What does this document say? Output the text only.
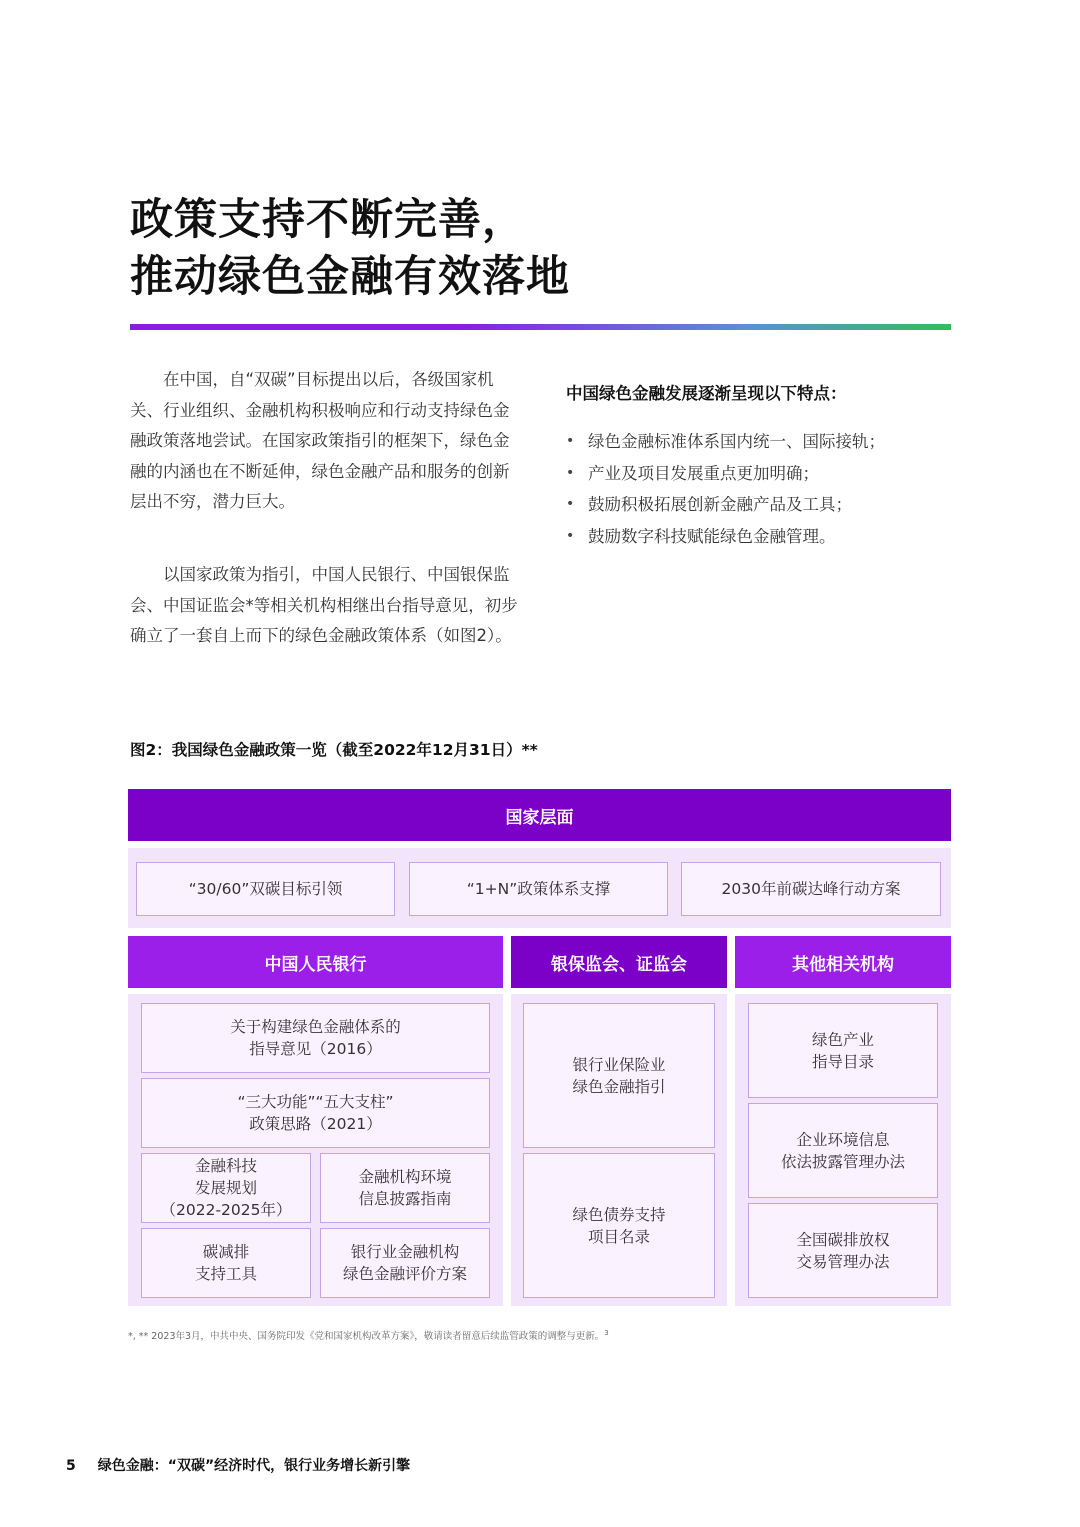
政策支持不断完善，
推动绿色金融有效落地

在中国，自“双碳”目标提出以后，各级国家机关、行业组织、金融机构积极响应和行动支持绿色金融政策落地尝试。在国家政策指引的框架下，绿色金融的内涵也在不断延伸，绿色金融产品和服务的创新层出不穷，潜力巨大。

以国家政策为指引，中国人民银行、中国银保监会、中国证监会*等相关机构相继出台指导意见，初步确立了一套自上而下的绿色金融政策体系（如图2）。

中国绿色金融发展逐渐呈现以下特点：
• 绿色金融标准体系国内统一、国际接轨；
• 产业及项目发展重点更加明确；
• 鼓励积极拓展创新金融产品及工具；
• 鼓励数字科技赋能绿色金融管理。
图2：我国绿色金融政策一览（截至2022年12月31日）**
国家层面
“30/60”双碳目标引领	“1+N”政策体系支撑	2030年前碳达峰行动方案
中国人民银行	银保监会、证监会	其他相关机构
关于构建绿色金融体系的
指导意见（2016）
“三大功能”“五大支柱”
政策思路（2021）
金融科技
发展规划
（2022-2025年）
金融机构环境
信息披露指南
碳减排
支持工具
银行业金融机构
绿色金融评价方案
银行业保险业
绿色金融指引
绿色债券支持
项目名录
绿色产业
指导目录
企业环境信息
依法披露管理办法
全国碳排放权
交易管理办法
*, ** 2023年3月，中共中央、国务院印发《党和国家机构改革方案》，敬请读者留意后续监管政策的调整与更新。$^3$
5 绿色金融：“双碳”经济时代，银行业务增长新引擎
